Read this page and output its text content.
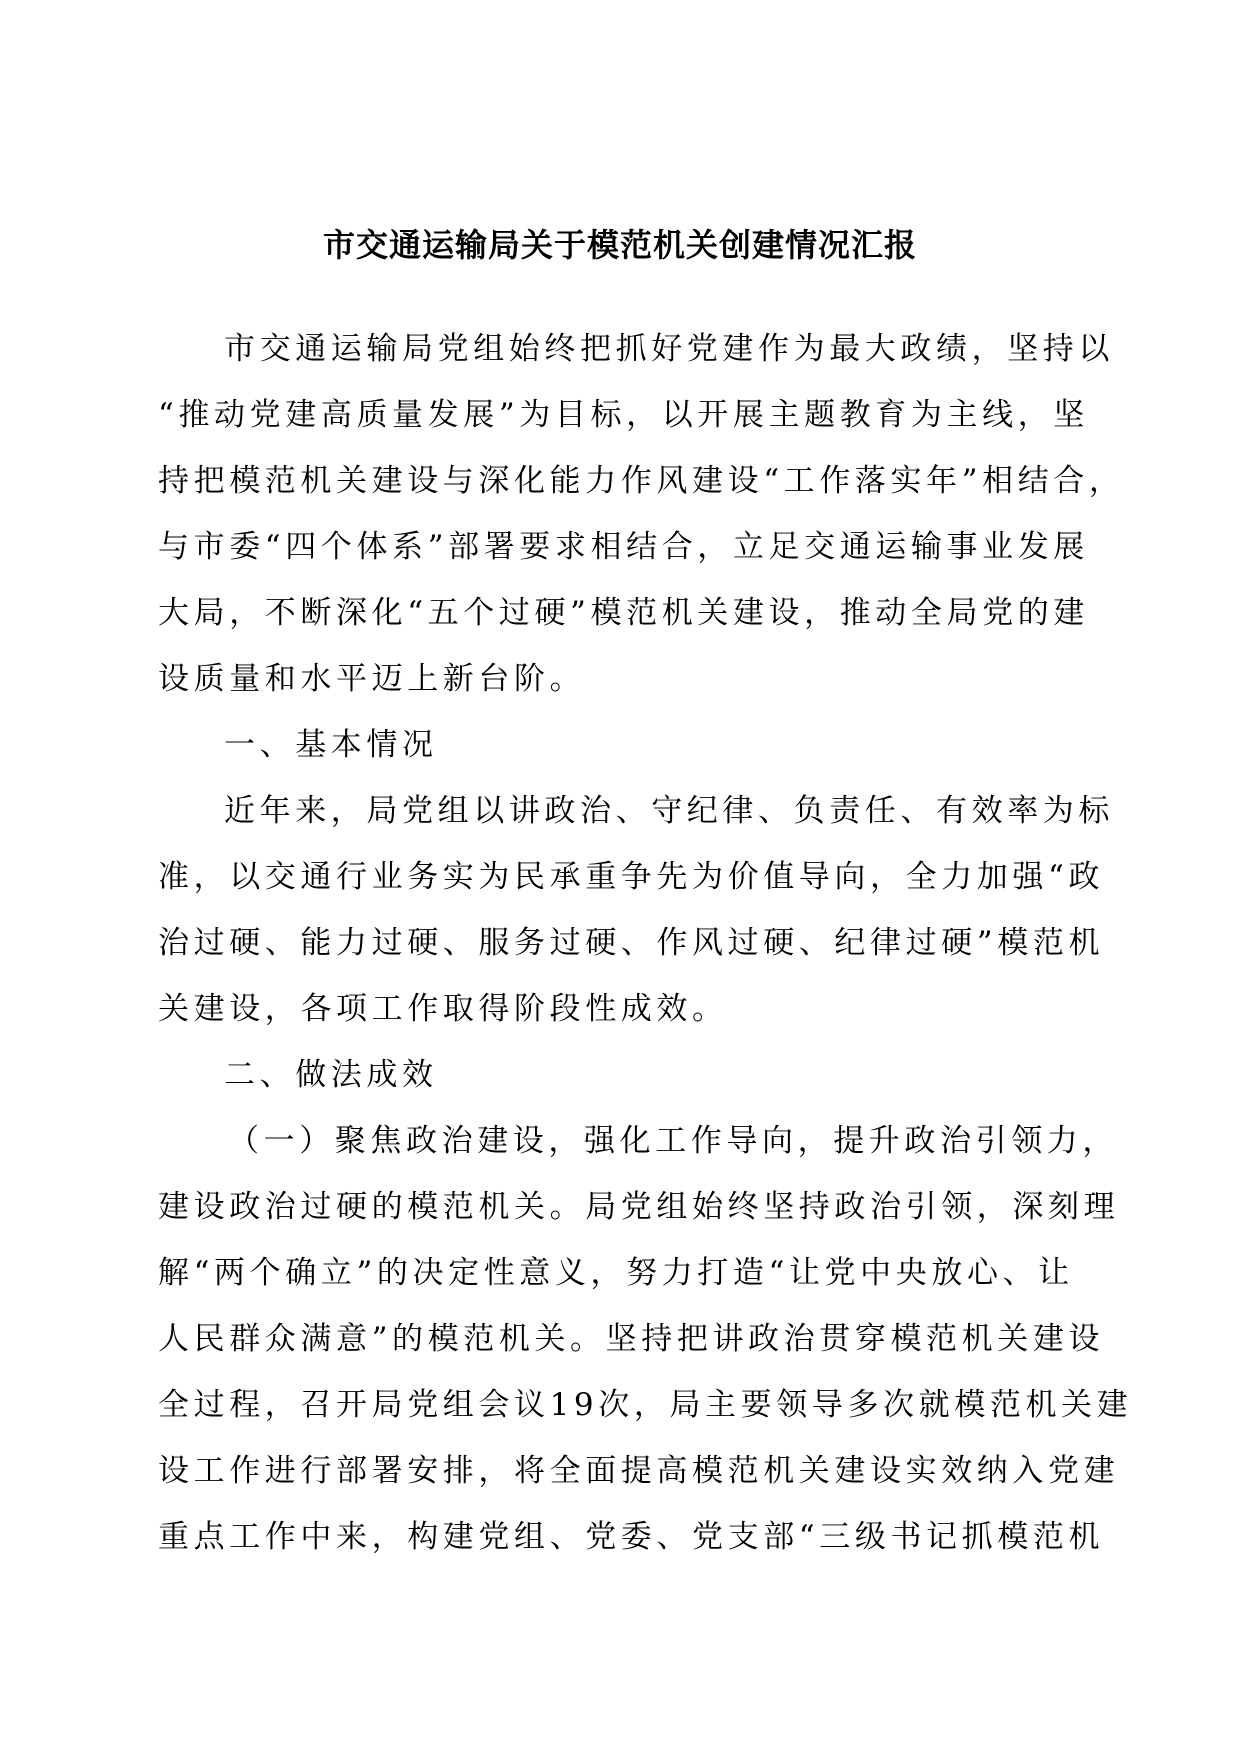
市交通运输局关于模范机关创建情况汇报
市交通运输局党组始终把抓好党建作为最大政绩，坚持以
“推动党建高质量发展”为目标，以开展主题教育为主线，坚
持把模范机关建设与深化能力作风建设“工作落实年”相结合，
与市委“四个体系”部署要求相结合，立足交通运输事业发展
大局，不断深化“五个过硬”模范机关建设，推动全局党的建
设质量和水平迈上新台阶。
一、基本情况
近年来，局党组以讲政治、守纪律、负责任、有效率为标
准，以交通行业务实为民承重争先为价值导向，全力加强“政
治过硬、能力过硬、服务过硬、作风过硬、纪律过硬”模范机
关建设，各项工作取得阶段性成效。
二、做法成效
（一）聚焦政治建设，强化工作导向，提升政治引领力，
建设政治过硬的模范机关。局党组始终坚持政治引领，深刻理
解“两个确立”的决定性意义，努力打造“让党中央放心、让
人民群众满意”的模范机关。坚持把讲政治贯穿模范机关建设
全过程，召开局党组会议19次，局主要领导多次就模范机关建
设工作进行部署安排，将全面提高模范机关建设实效纳入党建
重点工作中来，构建党组、党委、党支部“三级书记抓模范机
